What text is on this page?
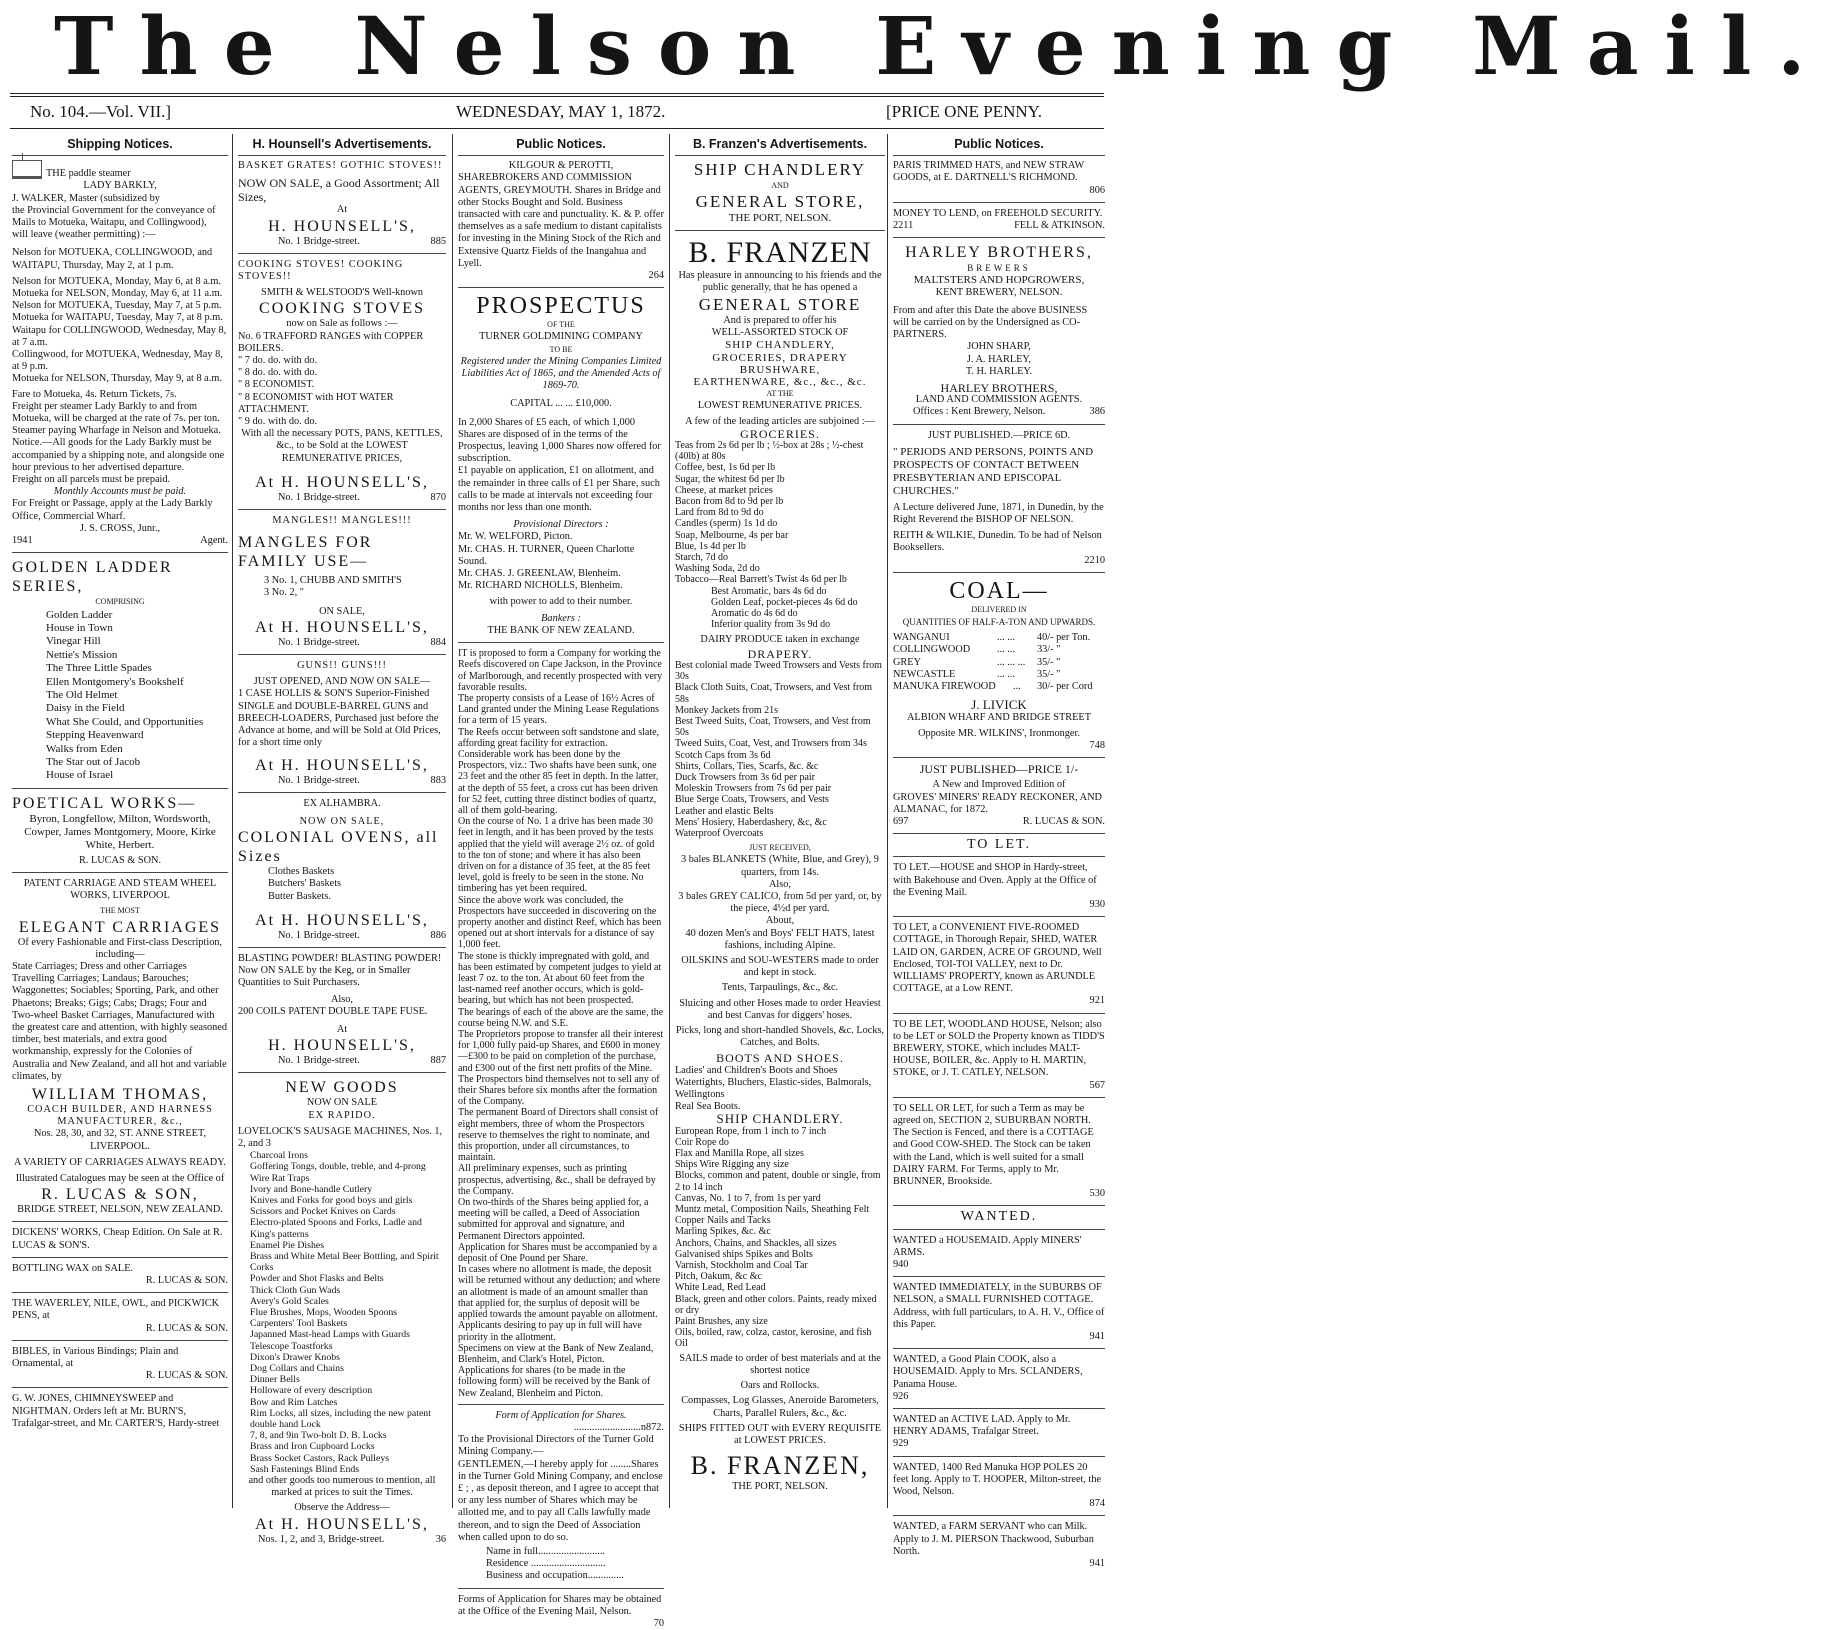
The Nelson Evening Mail.
No. 104.—Vol. VII.]	WEDNESDAY, MAY 1, 1872.	[PRICE ONE PENNY.
Shipping Notices.

THE paddle steamer

LADY BARKLY,

J. WALKER, Master (subsidized by

the Provincial Government for the conveyance of

Mails to Motueka, Waitapu, and Collingwood),

will leave (weather permitting) :—

Nelson for MOTUEKA, COLLINGWOOD, and WAITAPU, Thursday, May 2, at 1 p.m.

Nelson for MOTUEKA, Monday, May 6, at 8 a.m.

Motueka for NELSON, Monday, May 6, at 11 a.m.

Nelson for MOTUEKA, Tuesday, May 7, at 5 p.m.

Motueka for WAITAPU, Tuesday, May 7, at 8 p.m.

Waitapu for COLLINGWOOD, Wednesday, May 8, at 7 a.m.

Collingwood, for MOTUEKA, Wednesday, May 8, at 9 p.m.

Motueka for NELSON, Thursday, May 9, at 8 a.m.

Fare to Motueka, 4s. Return Tickets, 7s.

Freight per steamer Lady Barkly to and from Motueka, will be charged at the rate of 7s. per ton. Steamer paying Wharfage in Nelson and Motueka.

Notice.—All goods for the Lady Barkly must be accompanied by a shipping note, and alongside one hour previous to her advertised departure.

Freight on all parcels must be prepaid.

Monthly Accounts must be paid.

For Freight or Passage, apply at the Lady Barkly Office, Commercial Wharf.

J. S. CROSS, Junr.,

1941	Agent.

GOLDEN LADDER SERIES,

COMPRISING

Golden Ladder

House in Town

Vinegar Hill

Nettie's Mission

The Three Little Spades

Ellen Montgomery's Bookshelf

The Old Helmet

Daisy in the Field

What She Could, and Opportunities

Stepping Heavenward

Walks from Eden

The Star out of Jacob

House of Israel

POETICAL WORKS—

Byron, Longfellow, Milton, Wordsworth, Cowper, James Montgomery, Moore, Kirke White, Herbert.

R. LUCAS & SON.

PATENT CARRIAGE AND STEAM WHEEL WORKS, LIVERPOOL

THE MOST

ELEGANT CARRIAGES

Of every Fashionable and First-class Description, including—

State Carriages; Dress and other Carriages Travelling Carriages; Landaus; Barouches; Waggonettes; Sociables; Sporting, Park, and other Phaetons; Breaks; Gigs; Cabs; Drags; Four and Two-wheel Basket Carriages, Manufactured with the greatest care and attention, with highly seasoned timber, best materials, and extra good workmanship, expressly for the Colonies of Australia and New Zealand, and all hot and variable climates, by

WILLIAM THOMAS,

COACH BUILDER, AND HARNESS MANUFACTURER, &c.,

Nos. 28, 30, and 32, ST. ANNE STREET, LIVERPOOL.

A VARIETY OF CARRIAGES ALWAYS READY.

Illustrated Catalogues may be seen at the Office of

R. LUCAS & SON,

BRIDGE STREET, NELSON, NEW ZEALAND.

DICKENS' WORKS, Cheap Edition. On Sale at R. LUCAS & SON'S.

BOTTLING WAX on SALE.

R. LUCAS & SON.

THE WAVERLEY, NILE, OWL, and PICKWICK PENS, at

R. LUCAS & SON.

BIBLES, in Various Bindings; Plain and Ornamental, at

R. LUCAS & SON.

G. W. JONES, CHIMNEYSWEEP and NIGHTMAN. Orders left at Mr. BURN'S, Trafalgar-street, and Mr. CARTER'S, Hardy-street

H. Hounsell's Advertisements.

BASKET GRATES! GOTHIC STOVES!!

NOW ON SALE, a Good Assortment; All Sizes,

At

H. HOUNSELL'S,

No. 1 Bridge-street.	885

COOKING STOVES! COOKING STOVES!!

SMITH & WELSTOOD'S Well-known

COOKING STOVES

now on Sale as follows :—

No. 6 TRAFFORD RANGES with COPPER BOILERS.

" 7 do. do. with do.

" 8 do. do. with do.

" 8 ECONOMIST.

" 8 ECONOMIST with HOT WATER ATTACHMENT.

" 9 do. with do. do.

With all the necessary POTS, PANS, KETTLES, &c., to be Sold at the LOWEST REMUNERATIVE PRICES,

At H. HOUNSELL'S,

No. 1 Bridge-street.	870

MANGLES!! MANGLES!!!

MANGLES FOR FAMILY USE—

3 No. 1, CHUBB AND SMITH'S

3 No. 2, "

ON SALE,

At H. HOUNSELL'S,

No. 1 Bridge-street.	884

GUNS!! GUNS!!!

JUST OPENED, AND NOW ON SALE—

1 CASE HOLLIS & SON'S Superior-Finished SINGLE and DOUBLE-BARREL GUNS and BREECH-LOADERS, Purchased just before the Advance at home, and will be Sold at Old Prices, for a short time only

At H. HOUNSELL'S,

No. 1 Bridge-street.	883

EX ALHAMBRA.

NOW ON SALE,

COLONIAL OVENS, all Sizes

Clothes Baskets

Butchers' Baskets

Butter Baskets.

At H. HOUNSELL'S,

No. 1 Bridge-street.	886

BLASTING POWDER! BLASTING POWDER!

Now ON SALE by the Keg, or in Smaller Quantities to Suit Purchasers.

Also,

200 COILS PATENT DOUBLE TAPE FUSE.

At

H. HOUNSELL'S,

No. 1 Bridge-street.	887

NEW GOODS

NOW ON SALE

EX RAPIDO.

LOVELOCK'S SAUSAGE MACHINES, Nos. 1, 2, and 3

Charcoal Irons

Goffering Tongs, double, treble, and 4-prong

Wire Rat Traps

Ivory and Bone-handle Cutlery

Knives and Forks for good boys and girls

Scissors and Pocket Knives on Cards

Electro-plated Spoons and Forks, Ladle and King's patterns

Enamel Pie Dishes

Brass and White Metal Beer Bottling, and Spirit Corks

Powder and Shot Flasks and Belts

Thick Cloth Gun Wads

Avery's Gold Scales

Flue Brushes, Mops, Wooden Spoons

Carpenters' Tool Baskets

Japanned Mast-head Lamps with Guards

Telescope Toastforks

Dixon's Drawer Knobs

Dog Collars and Chains

Dinner Bells

Holloware of every description

Bow and Rim Latches

Rim Locks, all sizes, including the new patent double hand Lock

7, 8, and 9in Two-bolt D. B. Locks

Brass and Iron Cupboard Locks

Brass Socket Castors, Rack Pulleys

Sash Fastenings Blind Ends

and other goods too numerous to mention, all marked at prices to suit the Times.

Observe the Address—

At H. HOUNSELL'S,

Nos. 1, 2, and 3, Bridge-street.	36

Public Notices.

KILGOUR & PEROTTI,

SHAREBROKERS AND COMMISSION AGENTS, GREYMOUTH. Shares in Bridge and other Stocks Bought and Sold. Business transacted with care and punctuality. K. & P. offer themselves as a safe medium to distant capitalists for investing in the Mining Stock of the Rich and Extensive Quartz Fields of the Inangahua and Lyell.

264

PROSPECTUS

OF THE

TURNER GOLDMINING COMPANY

TO BE

Registered under the Mining Companies Limited Liabilities Act of 1865, and the Amended Acts of 1869-70.

CAPITAL ... ... £10,000.

In 2,000 Shares of £5 each, of which 1,000 Shares are disposed of in the terms of the Prospectus, leaving 1,000 Shares now offered for subscription.

£1 payable on application, £1 on allotment, and the remainder in three calls of £1 per Share, such calls to be made at intervals not exceeding four months nor less than one month.

Provisional Directors :

Mr. W. WELFORD, Picton.

Mr. CHAS. H. TURNER, Queen Charlotte Sound.

Mr. CHAS. J. GREENLAW, Blenheim.

Mr. RICHARD NICHOLLS, Blenheim.

with power to add to their number.

Bankers :

THE BANK OF NEW ZEALAND.

IT is proposed to form a Company for working the Reefs discovered on Cape Jackson, in the Province of Marlborough, and recently prospected with very favorable results.

The property consists of a Lease of 16½ Acres of Land granted under the Mining Lease Regulations for a term of 15 years.

The Reefs occur between soft sandstone and slate, affording great facility for extraction.

Considerable work has been done by the Prospectors, viz.: Two shafts have been sunk, one 23 feet and the other 85 feet in depth. In the latter, at the depth of 55 feet, a cross cut has been driven for 52 feet, cutting three distinct bodies of quartz, all of them gold-bearing.

On the course of No. 1 a drive has been made 30 feet in length, and it has been proved by the tests applied that the yield will average 2½ oz. of gold to the ton of stone; and where it has also been driven on for a distance of 35 feet, at the 85 feet level, gold is freely to be seen in the stone. No timbering has yet been required.

Since the above work was concluded, the Prospectors have succeeded in discovering on the property another and distinct Reef, which has been opened out at short intervals for a distance of say 1,000 feet.

The stone is thickly impregnated with gold, and has been estimated by competent judges to yield at least 7 oz. to the ton. At about 60 feet from the last-named reef another occurs, which is gold-bearing, but which has not been prospected.

The bearings of each of the above are the same, the course being N.W. and S.E.

The Proprietors propose to transfer all their interest for 1,000 fully paid-up Shares, and £600 in money—£300 to be paid on completion of the purchase, and £300 out of the first nett profits of the Mine.

The Prospectors bind themselves not to sell any of their Shares before six months after the formation of the Company.

The permanent Board of Directors shall consist of eight members, three of whom the Prospectors reserve to themselves the right to nominate, and this proportion, under all circumstances, to maintain.

All preliminary expenses, such as printing prospectus, advertising, &c., shall be defrayed by the Company.

On two-thirds of the Shares being applied for, a meeting will be called, a Deed of Association submitted for approval and signature, and Permanent Directors appointed.

Application for Shares must be accompanied by a deposit of One Pound per Share.

In cases where no allotment is made, the deposit will be returned without any deduction; and where an allotment is made of an amount smaller than that applied for, the surplus of deposit will be applied towards the amount payable on allotment.

Applicants desiring to pay up in full will have priority in the allotment.

Specimens on view at the Bank of New Zealand, Blenheim, and Clark's Hotel, Picton.

Applications for shares (to be made in the following form) will be received by the Bank of New Zealand, Blenheim and Picton.

Form of Application for Shares.

..........................n872.

To the Provisional Directors of the Turner Gold Mining Company.—

GENTLEMEN,—I hereby apply for ........Shares in the Turner Gold Mining Company, and enclose £ ; , as deposit thereon, and I agree to accept that or any less number of Shares which may be allotted me, and to pay all Calls lawfully made thereon, and to sign the Deed of Association when called upon to do so.

Name in full..........................

Residence .............................

Business and occupation..............

Forms of Application for Shares may be obtained at the Office of the Evening Mail, Nelson.

70

B. Franzen's Advertisements.

SHIP CHANDLERY

AND

GENERAL STORE,

THE PORT, NELSON.

B. FRANZEN

Has pleasure in announcing to his friends and the public generally, that he has opened a

GENERAL STORE

And is prepared to offer his

WELL-ASSORTED STOCK OF

SHIP CHANDLERY,

GROCERIES, DRAPERY

BRUSHWARE,

EARTHENWARE, &c., &c., &c.

AT THE

LOWEST REMUNERATIVE PRICES.

A few of the leading articles are subjoined :—

GROCERIES.

Teas from 2s 6d per lb ; ½-box at 28s ; ½-chest (40lb) at 80s

Coffee, best, 1s 6d per lb

Sugar, the whitest 6d per lb

Cheese, at market prices

Bacon from 8d to 9d per lb

Lard from 8d to 9d do

Candles (sperm) 1s 1d do

Soap, Melbourne, 4s per bar

Blue, 1s 4d per lb

Starch, 7d do

Washing Soda, 2d do

Tobacco—Real Barrett's Twist 4s 6d per lb

Best Aromatic, bars 4s 6d do

Golden Leaf, pocket-pieces 4s 6d do

Aromatic do 4s 6d do

Inferior quality from 3s 9d do

DAIRY PRODUCE taken in exchange

DRAPERY.

Best colonial made Tweed Trowsers and Vests from 30s

Black Cloth Suits, Coat, Trowsers, and Vest from 58s

Monkey Jackets from 21s

Best Tweed Suits, Coat, Trowsers, and Vest from 50s

Tweed Suits, Coat, Vest, and Trowsers from 34s

Scotch Caps from 3s 6d

Shirts, Collars, Ties, Scarfs, &c. &c

Duck Trowsers from 3s 6d per pair

Moleskin Trowsers from 7s 6d per pair

Blue Serge Coats, Trowsers, and Vests

Leather and elastic Belts

Mens' Hosiery, Haberdashery, &c, &c

Waterproof Overcoats

JUST RECEIVED,

3 bales BLANKETS (White, Blue, and Grey), 9 quarters, from 14s.

Also,

3 bales GREY CALICO, from 5d per yard, or, by the piece, 4½d per yard.

About,

40 dozen Men's and Boys' FELT HATS, latest fashions, including Alpine.

OILSKINS and SOU-WESTERS made to order and kept in stock.

Tents, Tarpaulings, &c., &c.

Sluicing and other Hoses made to order Heaviest and best Canvas for diggers' hoses.

Picks, long and short-handled Shovels, &c. Locks, Catches, and Bolts.

BOOTS AND SHOES.

Ladies' and Children's Boots and Shoes Watertights, Bluchers, Elastic-sides, Balmorals, Wellingtons

Real Sea Boots.

SHIP CHANDLERY.

European Rope, from 1 inch to 7 inch

Coir Rope do

Flax and Manilla Rope, all sizes

Ships Wire Rigging any size

Blocks, common and patent, double or single, from 2 to 14 inch

Canvas, No. 1 to 7, from 1s per yard

Muntz metal, Composition Nails, Sheathing Felt

Copper Nails and Tacks

Marling Spikes, &c. &c

Anchors, Chains, and Shackles, all sizes

Galvanised ships Spikes and Bolts

Varnish, Stockholm and Coal Tar

Pitch, Oakum, &c &c

White Lead, Red Lead

Black, green and other colors. Paints, ready mixed or dry

Paint Brushes, any size

Oils, boiled, raw, colza, castor, kerosine, and fish Oil

SAILS made to order of best materials and at the shortest notice

Oars and Rollocks.

Compasses, Log Glasses, Aneroide Barometers, Charts, Parallel Rulers, &c., &c.

SHIPS FITTED OUT with EVERY REQUISITE at LOWEST PRICES.

B. FRANZEN,

THE PORT, NELSON.

Public Notices.

PARIS TRIMMED HATS, and NEW STRAW GOODS, at E. DARTNELL'S RICHMOND.

806

MONEY TO LEND, on FREEHOLD SECURITY.

2211	FELL & ATKINSON.

HARLEY BROTHERS,

BREWERS

MALTSTERS AND HOPGROWERS,

KENT BREWERY, NELSON.

From and after this Date the above BUSINESS will be carried on by the Undersigned as CO-PARTNERS.

JOHN SHARP,

J. A. HARLEY,

T. H. HARLEY.

HARLEY BROTHERS,

LAND AND COMMISSION AGENTS.

Offices : Kent Brewery, Nelson.	386

JUST PUBLISHED.—PRICE 6D.

" PERIODS AND PERSONS, POINTS AND PROSPECTS OF CONTACT BETWEEN PRESBYTERIAN AND EPISCOPAL CHURCHES."

A Lecture delivered June, 1871, in Dunedin, by the Right Reverend the BISHOP OF NELSON.

REITH & WILKIE, Dunedin. To be had of Nelson Booksellers.

2210

COAL—

DELIVERED IN

QUANTITIES OF HALF-A-TON AND UPWARDS.

WANGANUI	... ... 40/- per Ton.

COLLINGWOOD	... ... 33/- "

GREY	... ... ... 35/- "

NEWCASTLE	... ... 35/- "

MANUKA FIREWOOD ... 30/- per Cord

J. LIVICK

ALBION WHARF AND BRIDGE STREET

Opposite MR. WILKINS', Ironmonger.

748

JUST PUBLISHED—PRICE 1/-

A New and Improved Edition of

GROVES' MINERS' READY RECKONER, AND ALMANAC, for 1872.

697	R. LUCAS & SON.

TO LET.

TO LET.—HOUSE and SHOP in Hardy-street, with Bakehouse and Oven. Apply at the Office of the Evening Mail.

930

TO LET, a CONVENIENT FIVE-ROOMED COTTAGE, in Thorough Repair, SHED, WATER LAID ON, GARDEN, ACRE OF GROUND, Well Enclosed, TOI-TOI VALLEY, next to Dr. WILLIAMS' PROPERTY, known as ARUNDLE COTTAGE, at a Low RENT.

921

TO BE LET, WOODLAND HOUSE, Nelson; also to be LET or SOLD the Property known as TIDD'S BREWERY, STOKE, which includes MALT-HOUSE, BOILER, &c. Apply to H. MARTIN, STOKE, or J. T. CATLEY, NELSON.

567

TO SELL OR LET, for such a Term as may be agreed on, SECTION 2, SUBURBAN NORTH. The Section is Fenced, and there is a COTTAGE and Good COW-SHED. The Stock can be taken with the Land, which is well suited for a small DAIRY FARM. For Terms, apply to Mr. BRUNNER, Brookside.

530

WANTED.

WANTED a HOUSEMAID. Apply MINERS' ARMS.

940

WANTED IMMEDIATELY, in the SUBURBS OF NELSON, a SMALL FURNISHED COTTAGE. Address, with full particulars, to A. H. V., Office of this Paper.

941

WANTED, a Good Plain COOK, also a HOUSEMAID. Apply to Mrs. SCLANDERS, Panama House.

926

WANTED an ACTIVE LAD. Apply to Mr. HENRY ADAMS, Trafalgar Street.

929

WANTED, 1400 Red Manuka HOP POLES 20 feet long. Apply to T. HOOPER, Milton-street, the Wood, Nelson.

874

WANTED, a FARM SERVANT who can Milk. Apply to J. M. PIERSON Thackwood, Suburban North.

941
